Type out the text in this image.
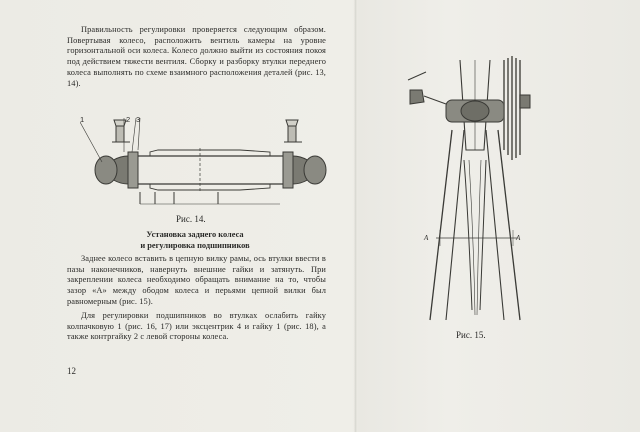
Правильность регулировки проверяется следующим образом. Повертывая колесо, расположить вентиль камеры на уровне горизонтальной оси колеса. Колесо должно выйти из состояния покоя под действием тяжести вентиля. Сборку и разборку втулки переднего колеса выполнять по схеме взаимного расположения деталей (рис. 13, 14).

1	2 3
Рис. 14.
Установка заднего колеса
и регулировка подшипников

Заднее колесо вставить в цепную вилку рамы, ось втулки ввести в пазы наконечников, навернуть внешние гайки и затянуть. При закреплении колеса необходимо обращать внимание на то, чтобы зазор «А» между ободом колеса и перьями цепной вилки был равномерным (рис. 15).

Для регулировки подшипников во втулках ослабить гайку колпачковую 1 (рис. 16, 17) или эксцентрик 4 и гайку 1 (рис. 18), а также контргайку 2 с левой стороны колеса.

12
А	А
Рис. 15.
